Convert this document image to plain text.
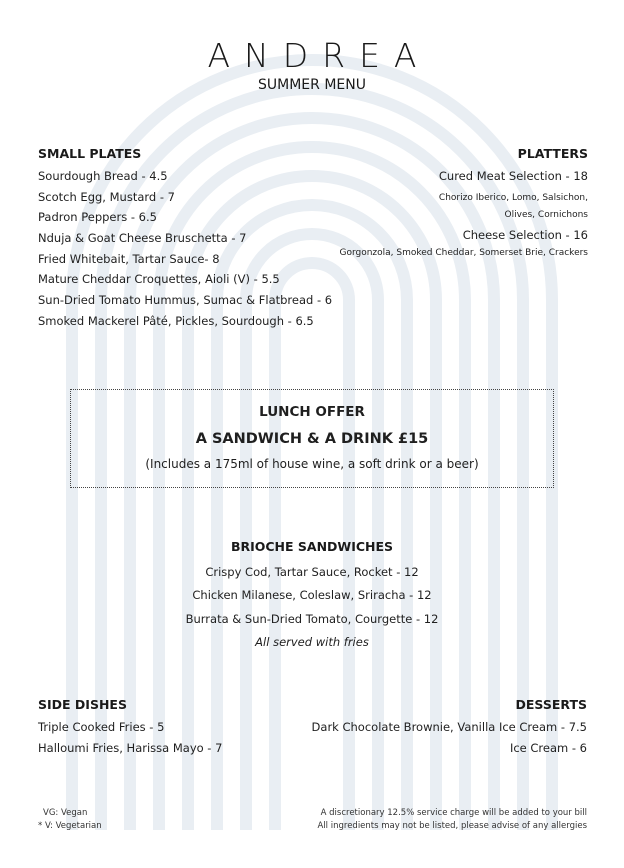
ANDREA
SUMMER MENU
SMALL PLATES
Sourdough Bread - 4.5
Scotch Egg, Mustard - 7
Padron Peppers - 6.5
Nduja & Goat Cheese Bruschetta - 7
Fried Whitebait, Tartar Sauce- 8
Mature Cheddar Croquettes, Aioli (V) - 5.5
Sun-Dried Tomato Hummus, Sumac & Flatbread - 6
Smoked Mackerel Pâté, Pickles, Sourdough - 6.5
PLATTERS
Cured Meat Selection - 18
Chorizo Iberico, Lomo, Salsichon,
Olives, Cornichons
Cheese Selection - 16
Gorgonzola, Smoked Cheddar, Somerset Brie, Crackers
LUNCH OFFER
A SANDWICH & A DRINK £15
(Includes a 175ml of house wine, a soft drink or a beer)
BRIOCHE SANDWICHES
Crispy Cod, Tartar Sauce, Rocket - 12
Chicken Milanese, Coleslaw, Sriracha - 12
Burrata & Sun-Dried Tomato, Courgette - 12
All served with fries
SIDE DISHES
Triple Cooked Fries - 5
Halloumi Fries, Harissa Mayo - 7
DESSERTS
Dark Chocolate Brownie, Vanilla Ice Cream - 7.5
Ice Cream - 6
VG: Vegan
* V: Vegetarian
A discretionary 12.5% service charge will be added to your bill
All ingredients may not be listed, please advise of any allergies
